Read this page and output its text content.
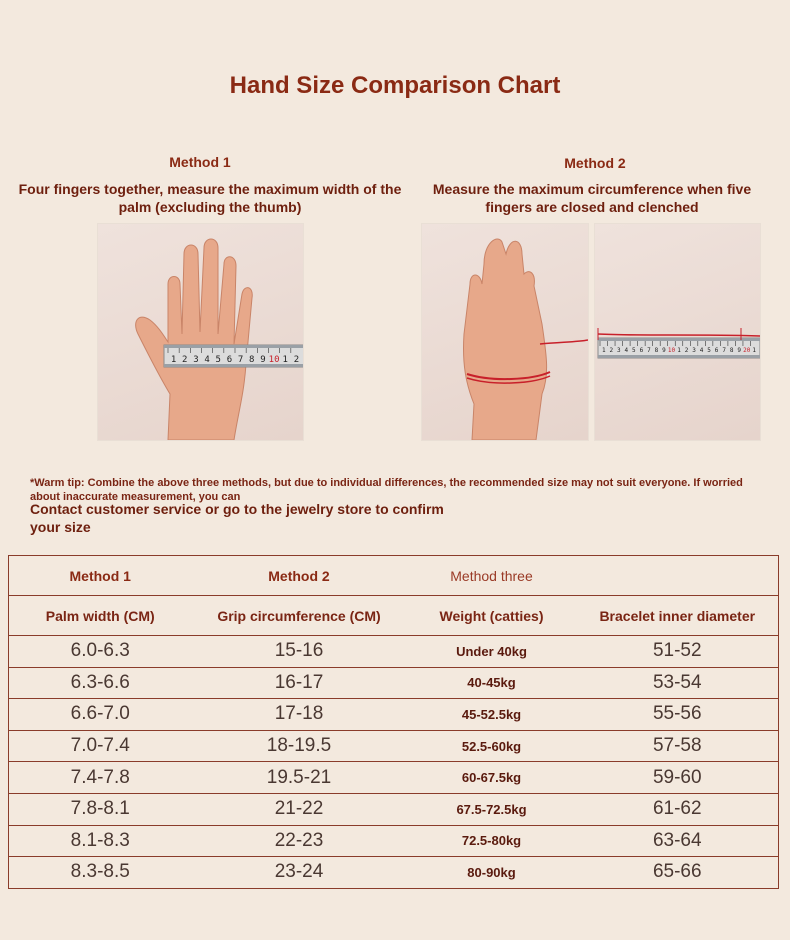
Hand Size Comparison Chart
Method 1
Four fingers together, measure the maximum width of the palm (excluding the thumb)
1 2 3 4 5 6 7 8 9 10 1 2
Method 2
Measure the maximum circumference when five fingers are closed and clenched
1 2 3 4 5 6 7 8 9 10 1 2 3 4 5 6 7 8 9 20 1
*Warm tip: Combine the above three methods, but due to individual differences, the recommended size may not suit everyone. If worried about inaccurate measurement, you can
Contact customer service or go to the jewelry store to confirm your size
Method 1	Method 2	Method three	
Palm width (CM)	Grip circumference (CM)	Weight (catties)	Bracelet inner diameter
6.0-6.3	15-16	Under 40kg	51-52
6.3-6.6	16-17	40-45kg	53-54
6.6-7.0	17-18	45-52.5kg	55-56
7.0-7.4	18-19.5	52.5-60kg	57-58
7.4-7.8	19.5-21	60-67.5kg	59-60
7.8-8.1	21-22	67.5-72.5kg	61-62
8.1-8.3	22-23	72.5-80kg	63-64
8.3-8.5	23-24	80-90kg	65-66
